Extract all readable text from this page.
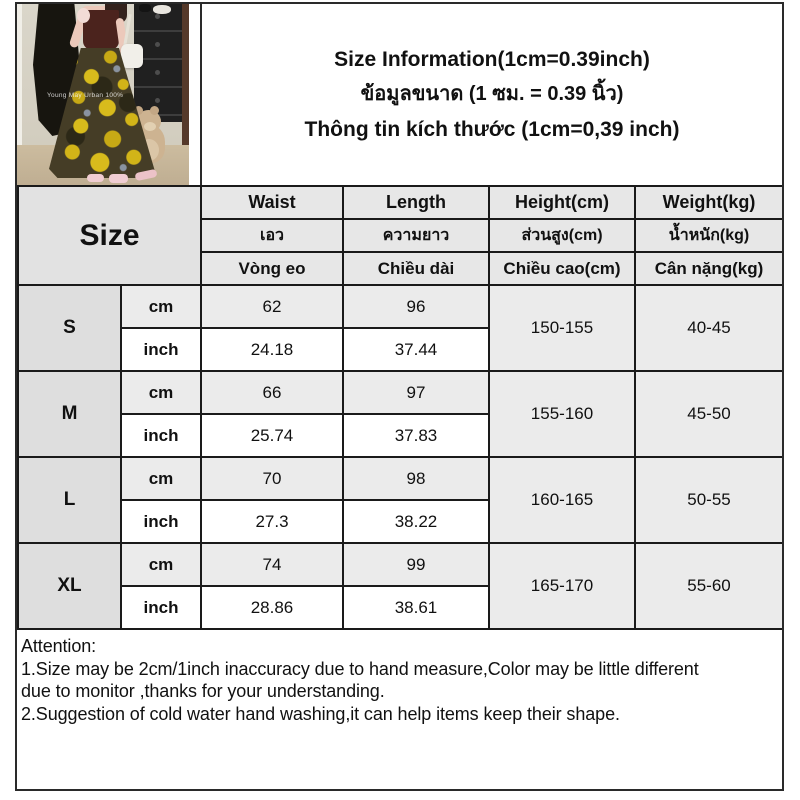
Young May Urban 100%
Size Information(1cm=0.39inch)
ข้อมูลขนาด (1 ซม. = 0.39 นิ้ว)
Thông tin kích thước (1cm=0,39 inch)
Size		Waist	Length	Height(cm)	Weight(kg)
		เอว	ความยาว	ส่วนสูง(cm)	น้ำหนัก(kg)
		Vòng eo	Chiều dài	Chiều cao(cm)	Cân nặng(kg)
S	cm	62	96	150-155	40-45
	inch	24.18	37.44		
M	cm	66	97	155-160	45-50
	inch	25.74	37.83		
L	cm	70	98	160-165	50-55
	inch	27.3	38.22		
XL	cm	74	99	165-170	55-60
	inch	28.86	38.61		
Attention:
1.Size may be 2cm/1inch inaccuracy due to hand measure,Color may be little different
due to monitor ,thanks for your understanding.
2.Suggestion of cold water hand washing,it can help items keep their shape.
